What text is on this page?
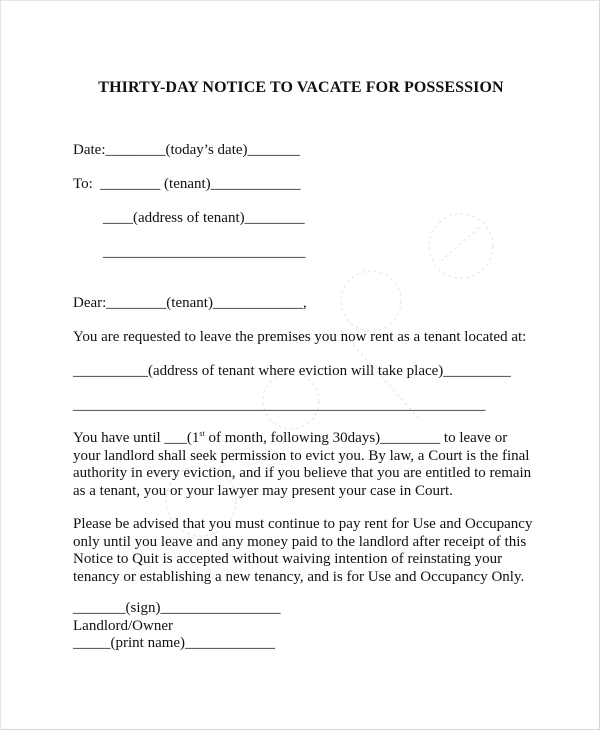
THIRTY-DAY NOTICE TO VACATE FOR POSSESSION
Date:________(today’s date)_______
To:  ________ (tenant)____________
____(address of tenant)________
___________________________
Dear:________(tenant)____________,
You are requested to leave the premises you now rent as a tenant located at:
__________(address of tenant where eviction will take place)_________
_______________________________________________________
You have until ___(1st of month, following 30days)________ to leave or
your landlord shall seek permission to evict you. By law, a Court is the final
authority in every eviction, and if you believe that you are entitled to remain
as a tenant, you or your lawyer may present your case in Court.
Please be advised that you must continue to pay rent for Use and Occupancy
only until you leave and any money paid to the landlord after receipt of this
Notice to Quit is accepted without waiving intention of reinstating your
tenancy or establishing a new tenancy, and is for Use and Occupancy Only.
_______(sign)________________
Landlord/Owner
_____(print name)____________
